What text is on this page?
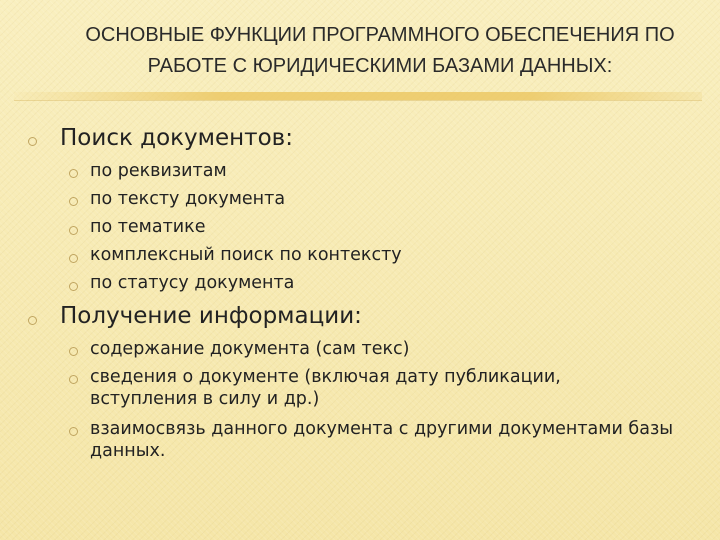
ОСНОВНЫЕ ФУНКЦИИ ПРОГРАММНОГО ОБЕСПЕЧЕНИЯ ПО
РАБОТЕ С ЮРИДИЧЕСКИМИ БАЗАМИ ДАННЫХ:
Поиск документов:
по реквизитам
по тексту документа
по тематике
комплексный поиск по контексту
по статусу документа
Получение информации:
содержание документа (сам текс)
сведения о документе (включая дату публикации, вступления в силу и др.)
взаимосвязь данного документа с другими документами базы данных.
